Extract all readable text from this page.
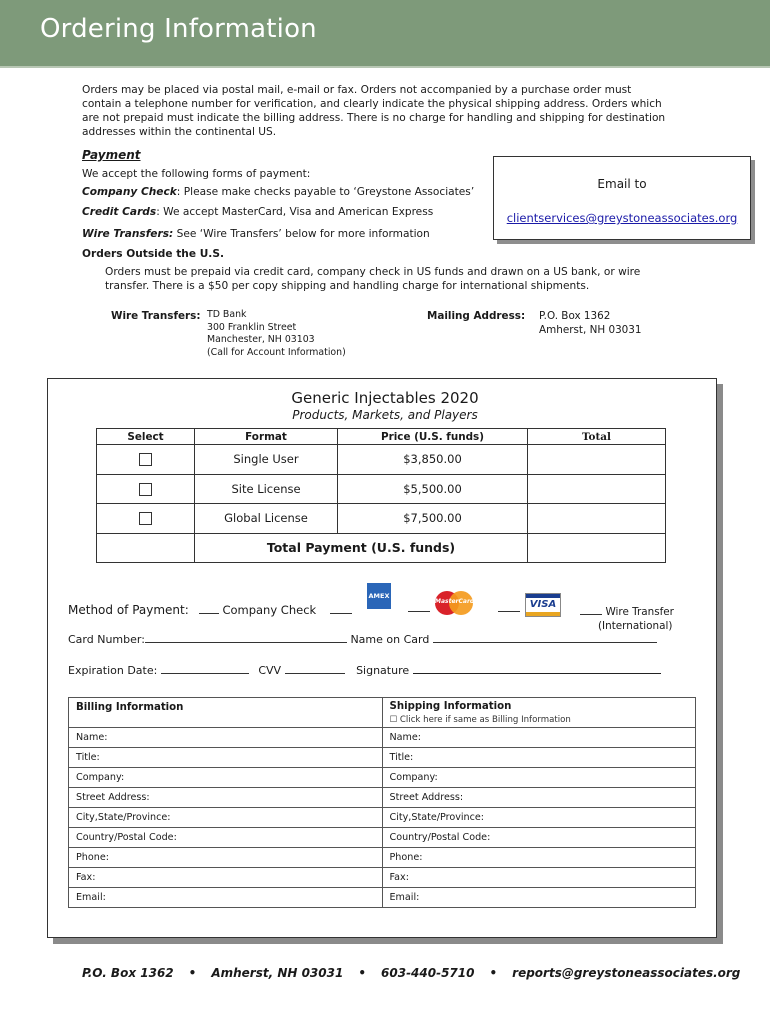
Ordering Information
Orders may be placed via postal mail, e-mail or fax. Orders not accompanied by a purchase order must contain a telephone number for verification, and clearly indicate the physical shipping address. Orders which are not prepaid must indicate the billing address. There is no charge for handling and shipping for destination addresses within the continental US.
Payment
We accept the following forms of payment:
Company Check: Please make checks payable to ‘Greystone Associates’
Credit Cards: We accept MasterCard, Visa and American Express
Wire Transfers: See ‘Wire Transfers’ below for more information
Orders Outside the U.S.
Orders must be prepaid via credit card, company check in US funds and drawn on a US bank, or wire transfer. There is a $50 per copy shipping and handling charge for international shipments.
Email to
clientservices@greystoneassociates.org
Wire Transfers: TD Bank
300 Franklin Street
Manchester, NH 03103
(Call for Account Information)
Mailing Address: P.O. Box 1362
Amherst, NH 03031
Generic Injectables 2020
Products, Markets, and Players
Select	Format	Price (U.S. funds)	Total
	Single User	$3,850.00	
	Site License	$5,500.00	
	Global License	$7,500.00	
	Total Payment (U.S. funds)		
AMEX
MasterCard	VISA
Method of Payment:	Company Check	Wire Transfer
(International)
Card Number:	Name on Card
Expiration Date:	CVV	Signature
Billing Information	Shipping Information
☐ Click here if same as Billing Information

Name:	Name:
Title:	Title:
Company:	Company:
Street Address:	Street Address:
City,State/Province:	City,State/Province:
Country/Postal Code:	Country/Postal Code:
Phone:	Phone:
Fax:	Fax:
Email:	Email:
P.O. Box 1362 • Amherst, NH 03031 • 603-440-5710 • reports@greystoneassociates.org
